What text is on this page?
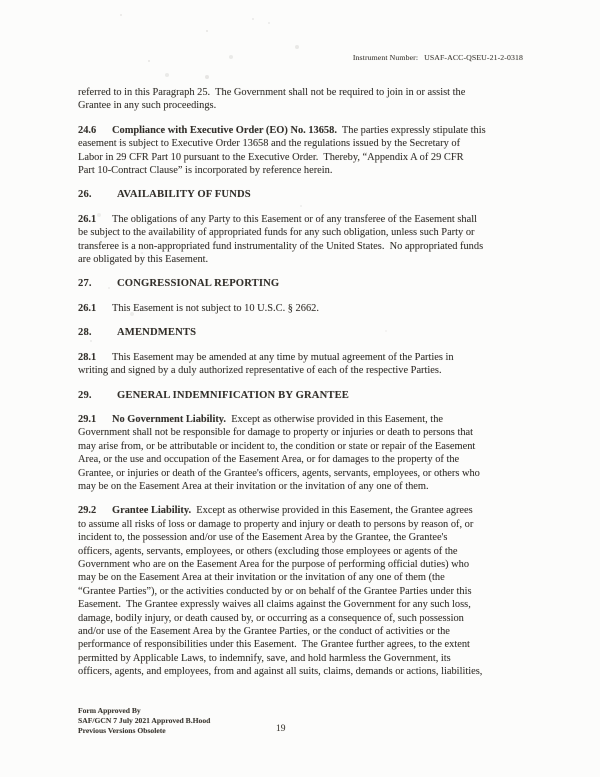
Instrument Number: USAF-ACC-QSEU-21-2-0318
referred to in this Paragraph 25.  The Government shall not be required to join in or assist the
Grantee in any such proceedings.
24.6 Compliance with Executive Order (EO) No. 13658.  The parties expressly stipulate this
easement is subject to Executive Order 13658 and the regulations issued by the Secretary of
Labor in 29 CFR Part 10 pursuant to the Executive Order.  Thereby, “Appendix A of 29 CFR
Part 10-Contract Clause” is incorporated by reference herein.
26. AVAILABILITY OF FUNDS
26.1 The obligations of any Party to this Easement or of any transferee of the Easement shall
be subject to the availability of appropriated funds for any such obligation, unless such Party or
transferee is a non-appropriated fund instrumentality of the United States.  No appropriated funds
are obligated by this Easement.
27. CONGRESSIONAL REPORTING
26.1 This Easement is not subject to 10 U.S.C. § 2662.
28. AMENDMENTS
28.1 This Easement may be amended at any time by mutual agreement of the Parties in
writing and signed by a duly authorized representative of each of the respective Parties.
29. GENERAL INDEMNIFICATION BY GRANTEE
29.1 No Government Liability.  Except as otherwise provided in this Easement, the
Government shall not be responsible for damage to property or injuries or death to persons that
may arise from, or be attributable or incident to, the condition or state or repair of the Easement
Area, or the use and occupation of the Easement Area, or for damages to the property of the
Grantee, or injuries or death of the Grantee's officers, agents, servants, employees, or others who
may be on the Easement Area at their invitation or the invitation of any one of them.
29.2 Grantee Liability.  Except as otherwise provided in this Easement, the Grantee agrees
to assume all risks of loss or damage to property and injury or death to persons by reason of, or
incident to, the possession and/or use of the Easement Area by the Grantee, the Grantee's
officers, agents, servants, employees, or others (excluding those employees or agents of the
Government who are on the Easement Area for the purpose of performing official duties) who
may be on the Easement Area at their invitation or the invitation of any one of them (the
“Grantee Parties”), or the activities conducted by or on behalf of the Grantee Parties under this
Easement.  The Grantee expressly waives all claims against the Government for any such loss,
damage, bodily injury, or death caused by, or occurring as a consequence of, such possession
and/or use of the Easement Area by the Grantee Parties, or the conduct of activities or the
performance of responsibilities under this Easement.  The Grantee further agrees, to the extent
permitted by Applicable Laws, to indemnify, save, and hold harmless the Government, its
officers, agents, and employees, from and against all suits, claims, demands or actions, liabilities,
Form Approved By
SAF/GCN 7 July 2021 Approved B.Hood
Previous Versions Obsolete	19
